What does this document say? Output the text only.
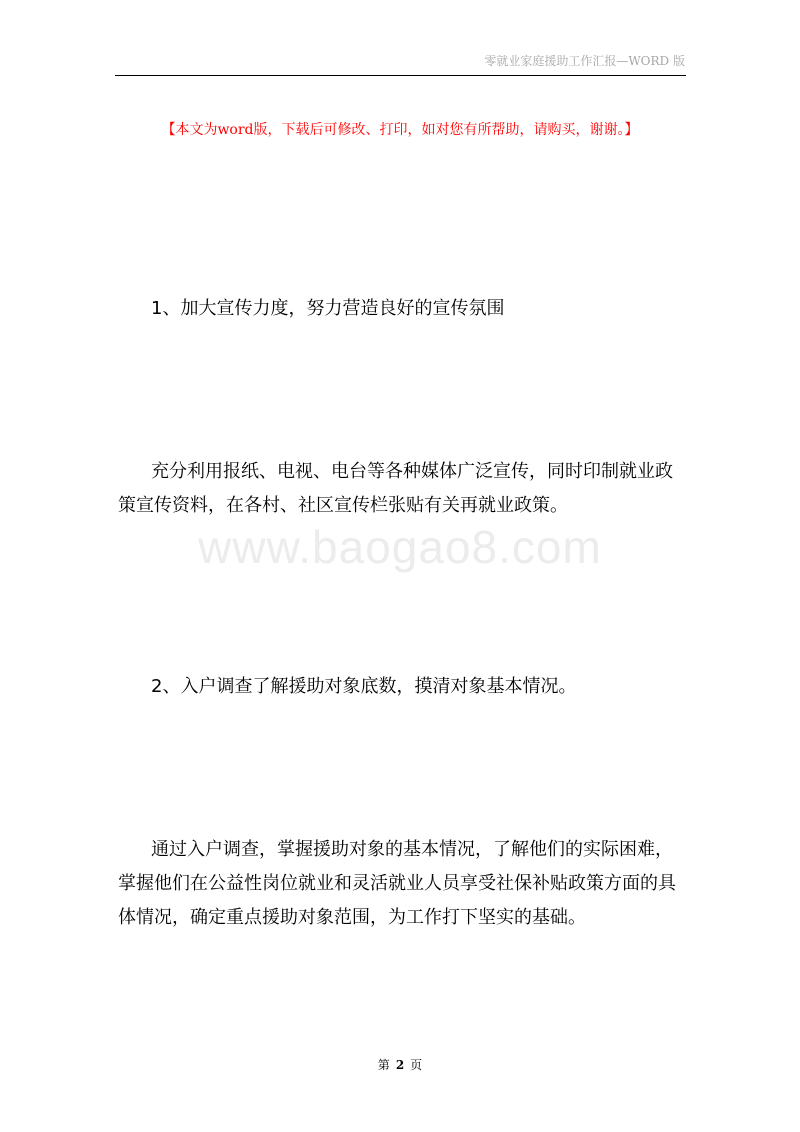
零就业家庭援助工作汇报—WORD 版
【本文为word版，下载后可修改、打印，如对您有所帮助，请购买，谢谢。】

1、加大宣传力度，努力营造良好的宣传氛围

充分利用报纸、电视、电台等各种媒体广泛宣传，同时印制就业政策宣传资料，在各村、社区宣传栏张贴有关再就业政策。

www.baogao8.com

2、入户调查了解援助对象底数，摸清对象基本情况。

通过入户调查，掌握援助对象的基本情况，了解他们的实际困难，掌握他们在公益性岗位就业和灵活就业人员享受社保补贴政策方面的具体情况，确定重点援助对象范围，为工作打下坚实的基础。

第 2 页
